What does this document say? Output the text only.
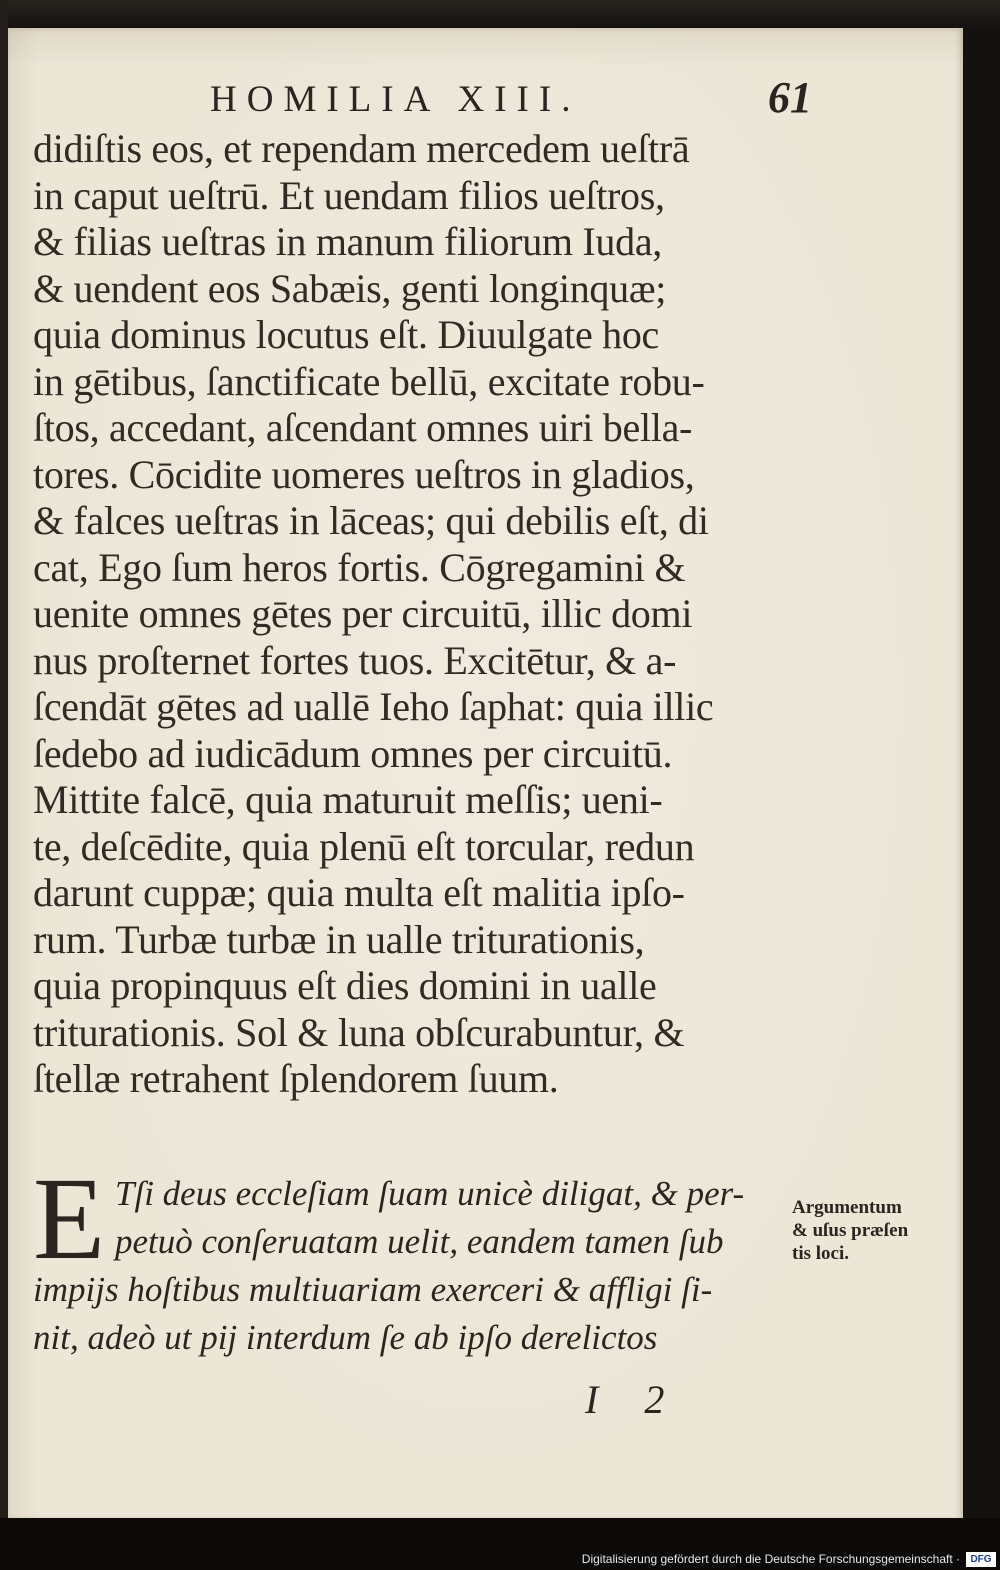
HOMILIA XIII.	61
didiſtis eos, et rependam mercedem ueſtrā
in caput ueſtrū. Et uendam filios ueſtros,
& filias ueſtras in manum filiorum Iuda,
& uendent eos Sabæis, genti longinquæ;
quia dominus locutus eſt. Diuulgate hoc
in gētibus, ſanctificate bellū, excitate robu-
ſtos, accedant, aſcendant omnes uiri bella-
tores. Cōcidite uomeres ueſtros in gladios,
& falces ueſtras in lāceas; qui debilis eſt, di
cat, Ego ſum heros fortis. Cōgregamini &
uenite omnes gētes per circuitū, illic domi
nus proſternet fortes tuos. Excitētur, & a-
ſcendāt gētes ad uallē Ieho ſaphat: quia illic
ſedebo ad iudicādum omnes per circuitū.
Mittite falcē, quia maturuit meſſis; ueni-
te, deſcēdite, quia plenū eſt torcular, redun
darunt cuppæ; quia multa eſt malitia ipſo-
rum. Turbæ turbæ in ualle triturationis,
quia propinquus eſt dies domini in ualle
triturationis. Sol & luna obſcurabuntur, &
ſtellæ retrahent ſplendorem ſuum.
E Tſi deus eccleſiam ſuam unicè diligat, & per-
petuò conſeruatam uelit, eandem tamen ſub
impijs hoſtibus multiuariam exerceri & affligi ſi-
nit, adeò ut pij interdum ſe ab ipſo derelictos
Argumentum
& uſus præſen
tis loci.
I 2
Digitalisierung gefördert durch die Deutsche Forschungsgemeinschaft ·	DFG
